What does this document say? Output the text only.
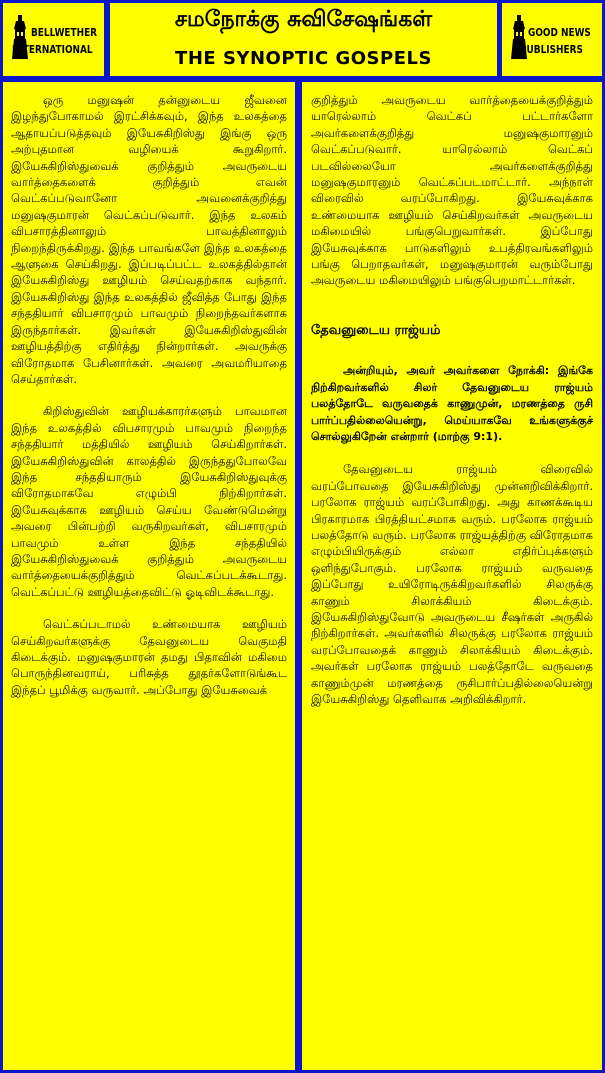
BELLWETHER
INTERNATIONAL
சமநோக்கு சுவிசேஷங்கள்
THE SYNOPTIC GOSPELS
GOOD NEWS
PUBLISHERS

ஒரு மனுஷன் தன்னுடைய ஜீவனை இழந்துபோகாமல் இரட்சிக்கவும், இந்த உலகத்தை ஆதாயப்படுத்தவும் இயேசுகிறிஸ்து இங்கு ஒரு அற்புதமான வழியைக் கூறுகிறார். இயேசுகிறிஸ்துவைக் குறித்தும் அவருடைய வார்த்தைகளைக் குறித்தும் எவன் வெட்கப்படுவானோ அவனைக்குறித்து மனுஷகுமாரன் வெட்கப்படுவார். இந்த உலகம் விபசாரத்தினாலும் பாவத்தினாலும் நிறைந்திருக்கிறது. இந்த பாவங்களே இந்த உலகத்தை ஆளுகை செய்கிறது. இப்படிப்பட்ட உலகத்தில்தான் இயேசுகிறிஸ்து ஊழியம் செய்வதற்காக வந்தார். இயேசுகிறிஸ்து இந்த உலகத்தில் ஜீவித்த போது இந்த சந்ததியார் விபசாரமும் பாவமும் நிறைந்தவர்களாக இருந்தார்கள். இவர்கள் இயேசுகிறிஸ்துவின் ஊழியத்திற்கு எதிர்த்து நின்றார்கள். அவருக்கு விரோதமாக பேசினார்கள். அவரை அவமரியாதை செய்தார்கள்.

கிறிஸ்துவின் ஊழியக்காரர்களும் பாவமான இந்த உலகத்தில் விபசாரமும் பாவமும் நிறைந்த சந்ததியார் மத்தியில் ஊழியம் செய்கிறார்கள். இயேசுகிறிஸ்துவின் காலத்தில் இருந்ததுபோலவே இந்த சந்ததியாரும் இயேசுகிறிஸ்துவுக்கு விரோதமாகவே எழும்பி நிற்கிறார்கள். இயேசுவுக்காக ஊழியம் செய்ய வேண்டுமென்று அவரை பின்பற்றி வருகிறவர்கள், விபசாரமும் பாவமும் உள்ள இந்த சந்ததியில் இயேசுகிறிஸ்துவைக் குறித்தும் அவருடைய வார்த்தையைக்குறித்தும் வெட்கப்படக்கூடாது. வெட்கப்பட்டு ஊழியத்தைவிட்டு ஓடிவிடக்கூடாது.

வெட்கப்படாமல் உண்மையாக ஊழியம் செய்கிறவர்களுக்கு தேவனுடைய வெகுமதி கிடைக்கும். மனுஷகுமாரன் தமது பிதாவின் மகிமை பொருந்தினவராய், பரிசுத்த தூதர்களோடுங்கூட இந்தப் பூமிக்கு வருவார். அப்போது இயேசுவைக்

குறித்தும் அவருடைய வார்த்தையைக்குறித்தும் யாரெல்லாம் வெட்கப் பட்டார்களோ அவர்களைக்குறித்து மனுஷகுமாரனும் வெட்கப்படுவார். யாரெல்லாம் வெட்கப் படவில்லையோ அவர்களைக்குறித்து மனுஷகுமாரனும் வெட்கப்படமாட்டார். அந்நாள் விரைவில் வரப்போகிறது. இயேசுவுக்காக உண்மையாக ஊழியம் செய்கிறவர்கள் அவருடைய மகிமையில் பங்குபெறுவார்கள். இப்போது இயேசுவுக்காக பாடுகளிலும் உபத்திரவங்களிலும் பங்கு பெறாதவர்கள், மனுஷகுமாரன் வரும்போது அவருடைய மகிமையிலும் பங்குபெறமாட்டார்கள்.

தேவனுடைய ராஜ்யம்

அன்றியும், அவர் அவர்களை நோக்கி: இங்கே நிற்கிறவர்களில் சிலர் தேவனுடைய ராஜ்யம் பலத்தோடே வருவதைக் காணுமுன், மரணத்தை ருசி பார்ப்பதில்லையென்று, மெய்யாகவே உங்களுக்குச் சொல்லுகிறேன் என்றார் (மாற்கு 9:1).

தேவனுடைய ராஜ்யம் விரைவில் வரப்போவதை இயேசுகிறிஸ்து முன்னறிவிக்கிறார். பரலோக ராஜ்யம் வரப்போகிறது. அது காணக்கூடிய பிரகாரமாக பிரத்தியட்சமாக வரும். பரலோக ராஜ்யம் பலத்தோடு வரும். பரலோக ராஜ்யத்திற்கு விரோதமாக எழும்பியிருக்கும் எல்லா எதிர்ப்புக்களும் ஒளிந்துபோகும். பரலோக ராஜ்யம் வருவதை இப்போது உயிரோடிருக்கிறவர்களில் சிலருக்கு காணும் சிலாக்கியம் கிடைக்கும். இயேசுகிறிஸ்துவோடு அவருடைய சீஷர்கள் அருகில் நிற்கிறார்கள். அவர்களில் சிலருக்கு பரலோக ராஜ்யம் வரப்போவதைக் காணும் சிலாக்கியம் கிடைக்கும். அவர்கள் பரலோக ராஜ்யம் பலத்தோடே வருவதை காணும்முன் மரணத்தை ருசிபார்ப்பதில்லையென்று இயேசுகிறிஸ்து தெளிவாக அறிவிக்கிறார்.
